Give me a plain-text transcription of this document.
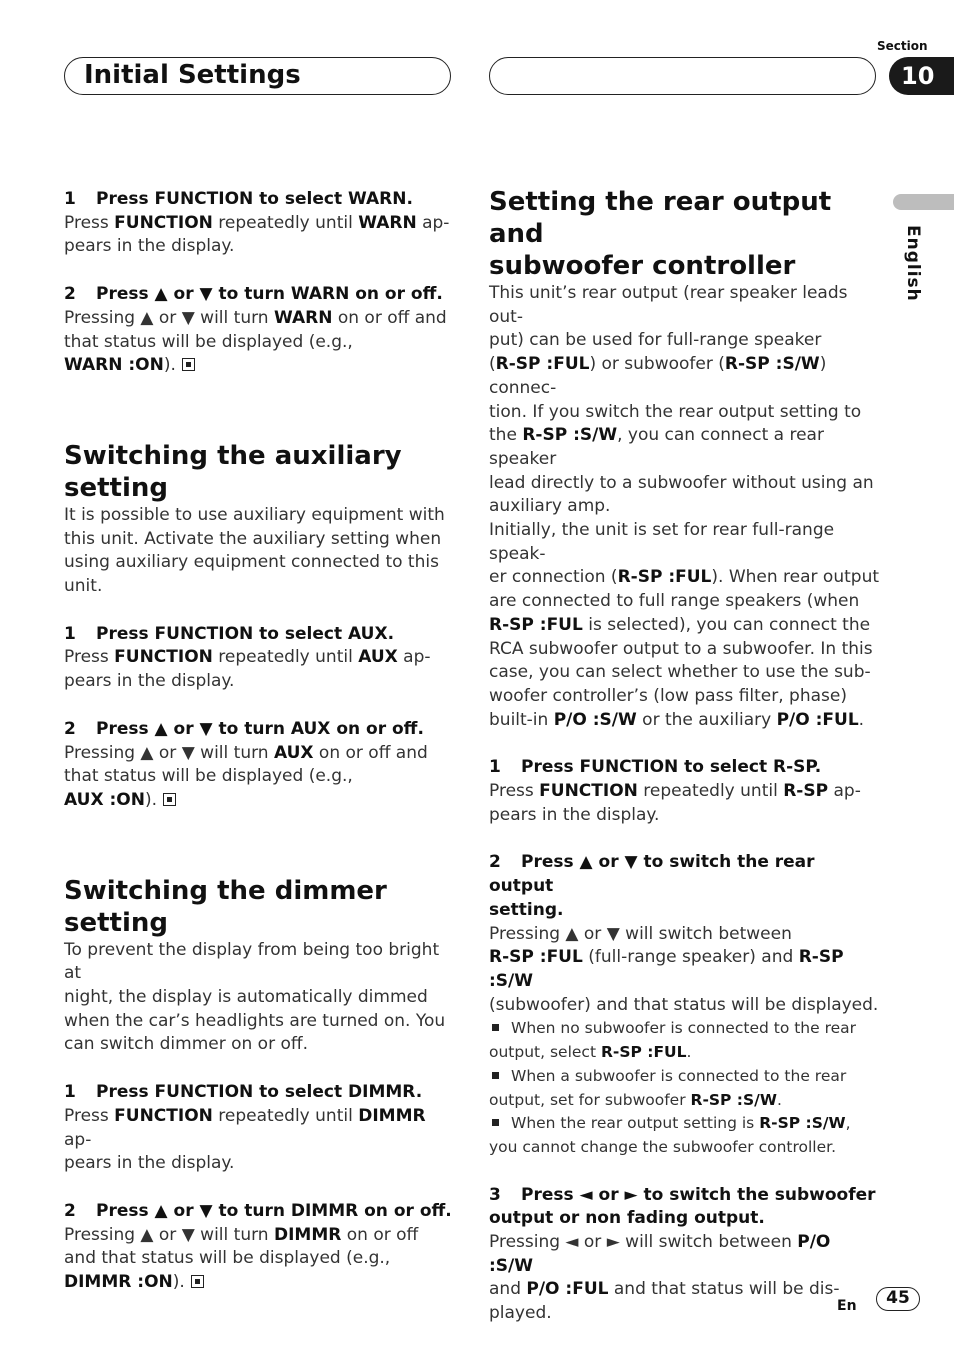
Initial Settings
Section
10
English

1 Press FUNCTION to select WARN.

Press FUNCTION repeatedly until WARN ap-
pears in the display.

2 Press ▲ or ▼ to turn WARN on or off.

Pressing ▲ or ▼ will turn WARN on or off and
that status will be displayed (e.g.,
WARN :ON).

Switching the auxiliary setting

It is possible to use auxiliary equipment with
this unit. Activate the auxiliary setting when
using auxiliary equipment connected to this
unit.

1 Press FUNCTION to select AUX.

Press FUNCTION repeatedly until AUX ap-
pears in the display.

2 Press ▲ or ▼ to turn AUX on or off.

Pressing ▲ or ▼ will turn AUX on or off and
that status will be displayed (e.g.,
AUX :ON).

Switching the dimmer setting

To prevent the display from being too bright at
night, the display is automatically dimmed
when the car’s headlights are turned on. You
can switch dimmer on or off.

1 Press FUNCTION to select DIMMR.

Press FUNCTION repeatedly until DIMMR ap-
pears in the display.

2 Press ▲ or ▼ to turn DIMMR on or off.

Pressing ▲ or ▼ will turn DIMMR on or off
and that status will be displayed (e.g.,
DIMMR :ON).

Setting the rear output and
subwoofer controller

This unit’s rear output (rear speaker leads out-
put) can be used for full-range speaker
(R-SP :FUL) or subwoofer (R-SP :S/W) connec-
tion. If you switch the rear output setting to
the R-SP :S/W, you can connect a rear speaker
lead directly to a subwoofer without using an
auxiliary amp.
Initially, the unit is set for rear full-range speak-
er connection (R-SP :FUL). When rear output
are connected to full range speakers (when
R-SP :FUL is selected), you can connect the
RCA subwoofer output to a subwoofer. In this
case, you can select whether to use the sub-
woofer controller’s (low pass filter, phase)
built-in P/O :S/W or the auxiliary P/O :FUL.

1 Press FUNCTION to select R-SP.

Press FUNCTION repeatedly until R-SP ap-
pears in the display.

2 Press ▲ or ▼ to switch the rear output
setting.

Pressing ▲ or ▼ will switch between
R-SP :FUL (full-range speaker) and R-SP :S/W
(subwoofer) and that status will be displayed.

When no subwoofer is connected to the rear
output, select R-SP :FUL.

When a subwoofer is connected to the rear
output, set for subwoofer R-SP :S/W.

When the rear output setting is R-SP :S/W,
you cannot change the subwoofer controller.

3 Press ◄ or ► to switch the subwoofer
output or non fading output.

Pressing ◄ or ► will switch between P/O :S/W
and P/O :FUL and that status will be dis-
played.	En	45
